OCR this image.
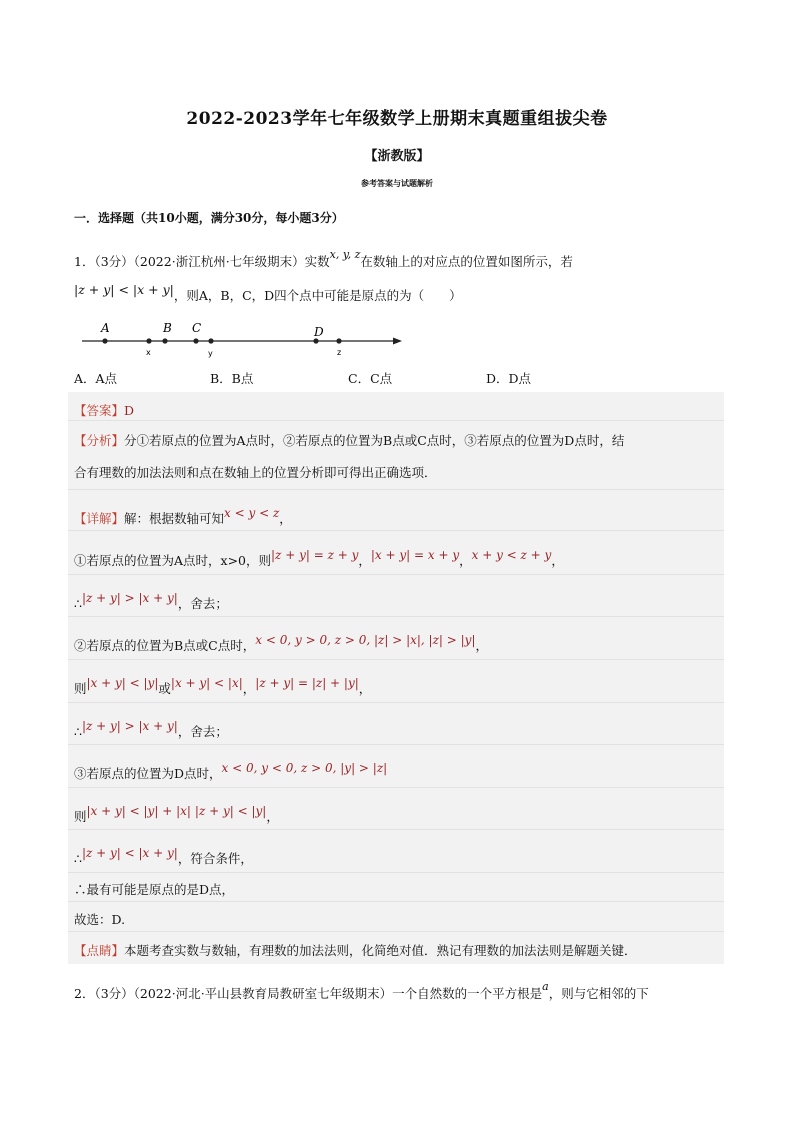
2022-2023学年七年级数学上册期末真题重组拔尖卷
【浙教版】
参考答案与试题解析
一．选择题（共10小题，满分30分，每小题3分）
1．（3分）（2022·浙江杭州·七年级期末）实数x, y, z在数轴上的对应点的位置如图所示，若
|z + y| < |x + y|，则A，B，C，D四个点中可能是原点的为（　　）
A	B C	D
x	y	z
A．A点	B．B点	C．C点	D．D点
【答案】D
【分析】分①若原点的位置为A点时，②若原点的位置为B点或C点时，③若原点的位置为D点时，结
合有理数的加法法则和点在数轴上的位置分析即可得出正确选项．
【详解】解：根据数轴可知x < y < z，
①若原点的位置为A点时，x>0，则|z + y| = z + y，|x + y| = x + y，x + y < z + y，
∴|z + y| > |x + y|，舍去；
②若原点的位置为B点或C点时，x < 0, y > 0, z > 0, |z| > |x|, |z| > |y|，
则|x + y| < |y|或|x + y| < |x|，|z + y| = |z| + |y|，
∴|z + y| > |x + y|，舍去；
③若原点的位置为D点时，x < 0, y < 0, z > 0, |y| > |z|
则|x + y| < |y| + |x| |z + y| < |y|，
∴|z + y| < |x + y|，符合条件，
∴最有可能是原点的是D点，
故选：D.
【点睛】本题考查实数与数轴，有理数的加法法则，化简绝对值．熟记有理数的加法法则是解题关键．
2．（3分）（2022·河北·平山县教育局教研室七年级期末）一个自然数的一个平方根是a，则与它相邻的下
